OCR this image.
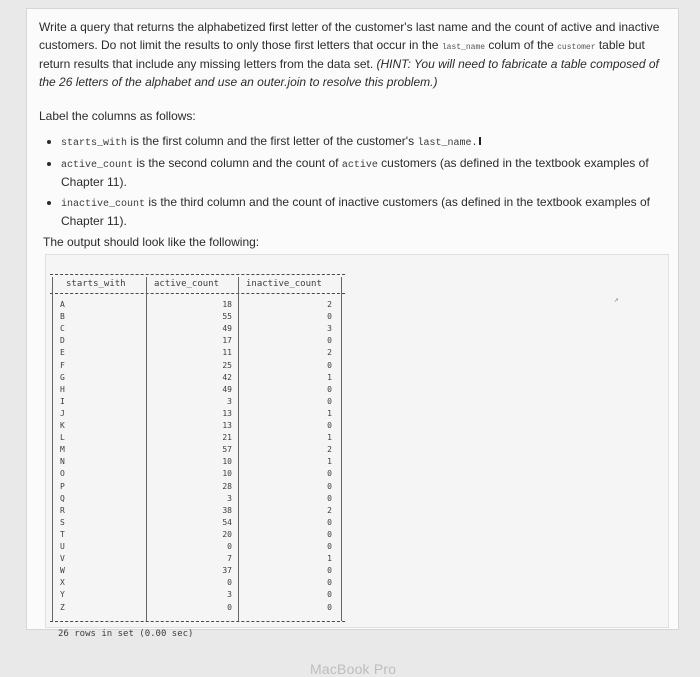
Write a query that returns the alphabetized first letter of the customer's last name and the count of active and inactive customers. Do not limit the results to only those first letters that occur in the last_name colum of the customer table but return results that include any missing letters from the data set. (HINT: You will need to fabricate a table composed of the 26 letters of the alphabet and use an outer.join to resolve this problem.)
Label the columns as follows:
• starts_with is the first column and the first letter of the customer's last_name.
• active_count is the second column and the count of active customers (as defined in the textbook examples of Chapter 11).
• inactive_count is the third column and the count of inactive customers (as defined in the textbook examples of Chapter 11).
The output should look like the following:
starts_with	active_count	inactive_count
A	18	2
B	55	0
C	49	3
D	17	0
E	11	2
F	25	0
G	42	1
H	49	0
I	3	0
J	13	1
K	13	0
L	21	1
M	57	2
N	10	1
O	10	0
P	28	0
Q	3	0
R	38	2
S	54	0
T	20	0
U	0	0
V	7	1
W	37	0
X	0	0
Y	3	0
Z	0	0
26 rows in set (0.00 sec)
↗
MacBook Pro
